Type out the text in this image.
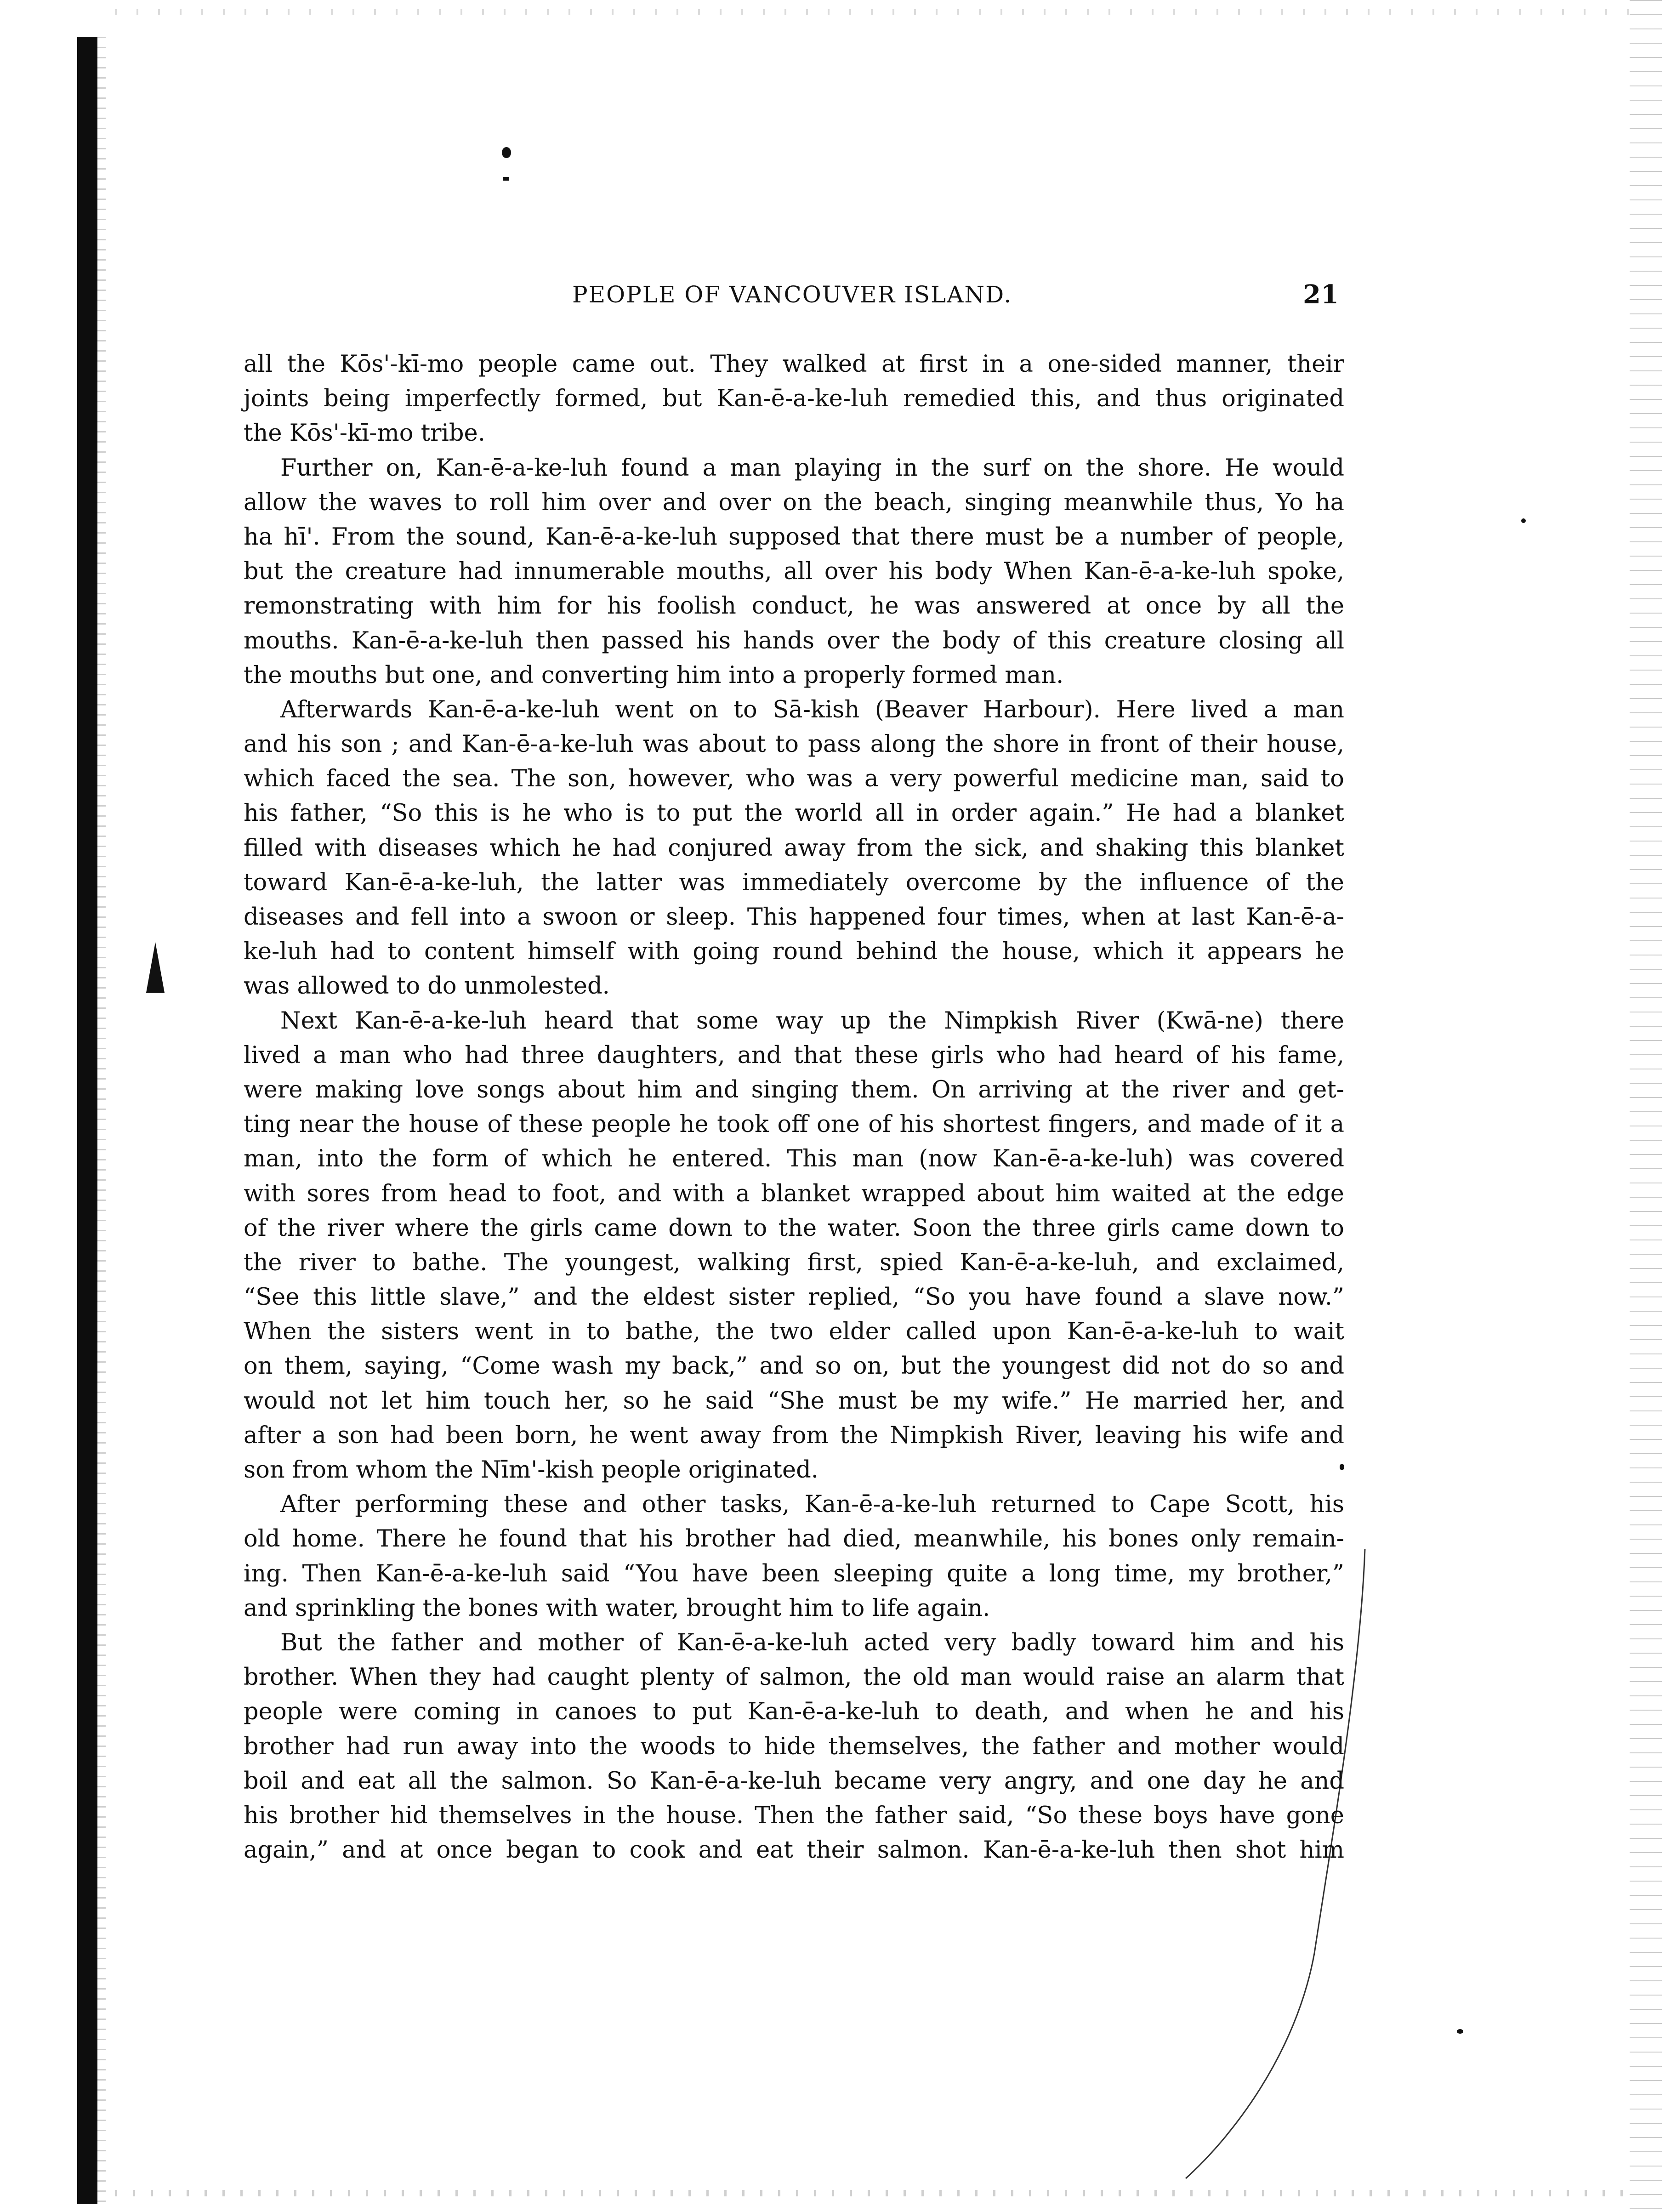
PEOPLE OF VANCOUVER ISLAND.	21
all the Kōs'-kī-mo people came out. They walked at first in a one-sided manner, their
joints being imperfectly formed, but Kan-ē-a-ke-luh remedied this, and thus originated
the Kōs'-kī-mo tribe.
Further on, Kan-ē-a-ke-luh found a man playing in the surf on the shore. He would
allow the waves to roll him over and over on the beach, singing meanwhile thus, Yo ha
ha hī'. From the sound, Kan-ē-a-ke-luh supposed that there must be a number of people,
but the creature had innumerable mouths, all over his body When Kan-ē-a-ke-luh spoke,
remonstrating with him for his foolish conduct, he was answered at once by all the
mouths. Kan-ē-a-ke-luh then passed his hands over the body of this creature closing all
the mouths but one, and converting him into a properly formed man.
Afterwards Kan-ē-a-ke-luh went on to Sā-kish (Beaver Harbour). Here lived a man
and his son ; and Kan-ē-a-ke-luh was about to pass along the shore in front of their house,
which faced the sea. The son, however, who was a very powerful medicine man, said to
his father, “So this is he who is to put the world all in order again.” He had a blanket
filled with diseases which he had conjured away from the sick, and shaking this blanket
toward Kan-ē-a-ke-luh, the latter was immediately overcome by the influence of the
diseases and fell into a swoon or sleep. This happened four times, when at last Kan-ē-a-
ke-luh had to content himself with going round behind the house, which it appears he
was allowed to do unmolested.
Next Kan-ē-a-ke-luh heard that some way up the Nimpkish River (Kwā-ne) there
lived a man who had three daughters, and that these girls who had heard of his fame,
were making love songs about him and singing them. On arriving at the river and get-
ting near the house of these people he took off one of his shortest fingers, and made of it a
man, into the form of which he entered. This man (now Kan-ē-a-ke-luh) was covered
with sores from head to foot, and with a blanket wrapped about him waited at the edge
of the river where the girls came down to the water. Soon the three girls came down to
the river to bathe. The youngest, walking first, spied Kan-ē-a-ke-luh, and exclaimed,
“See this little slave,” and the eldest sister replied, “So you have found a slave now.”
When the sisters went in to bathe, the two elder called upon Kan-ē-a-ke-luh to wait
on them, saying, “Come wash my back,” and so on, but the youngest did not do so and
would not let him touch her, so he said “She must be my wife.” He married her, and
after a son had been born, he went away from the Nimpkish River, leaving his wife and
son from whom the Nīm'-kish people originated.
After performing these and other tasks, Kan-ē-a-ke-luh returned to Cape Scott, his
old home. There he found that his brother had died, meanwhile, his bones only remain-
ing. Then Kan-ē-a-ke-luh said “You have been sleeping quite a long time, my brother,”
and sprinkling the bones with water, brought him to life again.
But the father and mother of Kan-ē-a-ke-luh acted very badly toward him and his
brother. When they had caught plenty of salmon, the old man would raise an alarm that
people were coming in canoes to put Kan-ē-a-ke-luh to death, and when he and his
brother had run away into the woods to hide themselves, the father and mother would
boil and eat all the salmon. So Kan-ē-a-ke-luh became very angry, and one day he and
his brother hid themselves in the house. Then the father said, “So these boys have gone
again,” and at once began to cook and eat their salmon. Kan-ē-a-ke-luh then shot him
